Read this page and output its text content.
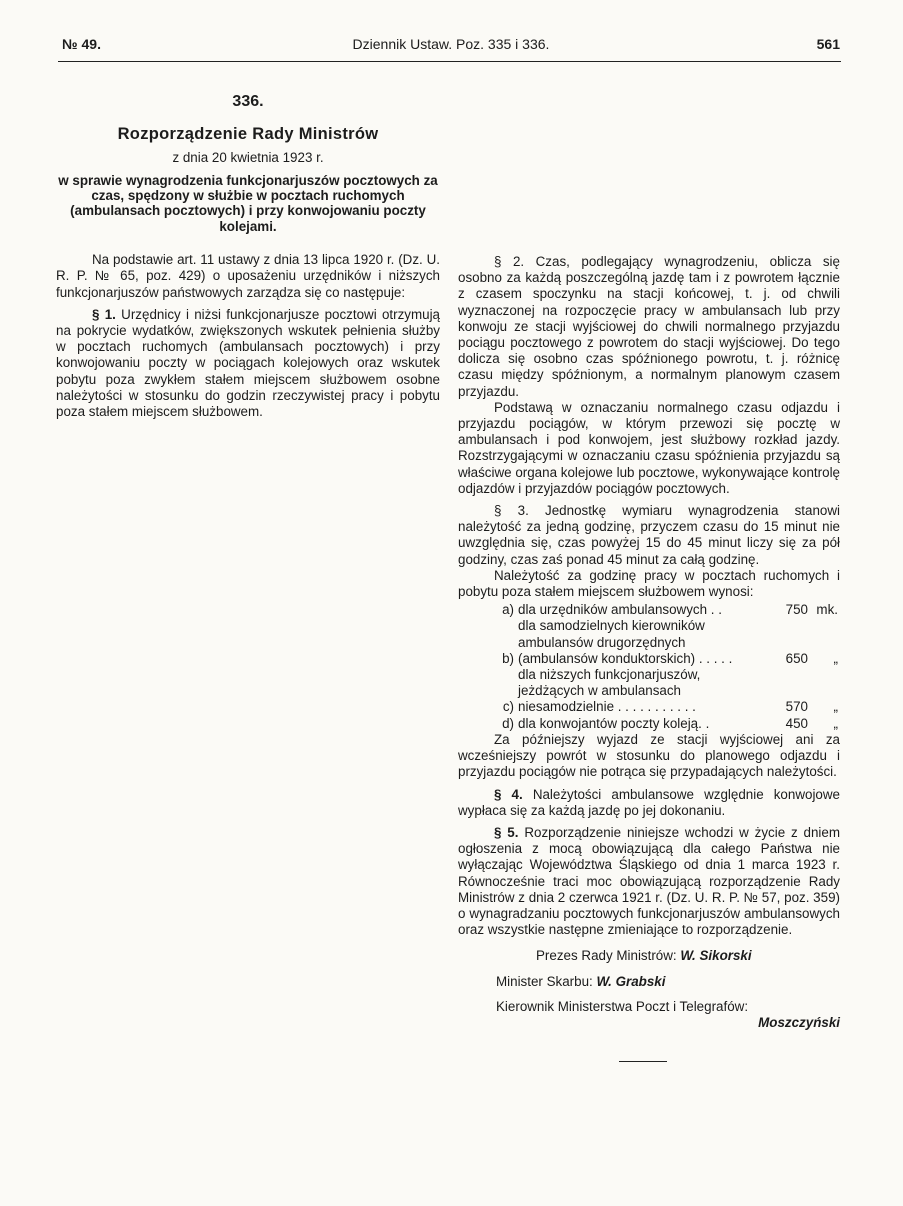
№ 49.	Dziennik Ustaw. Poz. 335 i 336.	561

336.

Rozporządzenie Rady Ministrów

z dnia 20 kwietnia 1923 r.

w sprawie wynagrodzenia funkcjonarjuszów pocztowych za czas, spędzony w służbie w pocztach ruchomych (ambulansach pocztowych) i przy konwojowaniu poczty kolejami.

Na podstawie art. 11 ustawy z dnia 13 lipca 1920 r. (Dz. U. R. P. № 65, poz. 429) o uposażeniu urzędników i niższych funkcjonarjuszów państwowych zarządza się co następuje:

§ 1. Urzędnicy i niżsi funkcjonarjusze pocztowi otrzymują na pokrycie wydatków, zwiększonych wskutek pełnienia służby w pocztach ruchomych (ambulansach pocztowych) i przy konwojowaniu poczty w pociągach kolejowych oraz wskutek pobytu poza zwykłem stałem miejscem służbowem osobne należytości w stosunku do godzin rzeczywistej pracy i pobytu poza stałem miejscem służbowem.

§ 2. Czas, podlegający wynagrodzeniu, oblicza się osobno za każdą poszczególną jazdę tam i z powrotem łącznie z czasem spoczynku na stacji końcowej, t. j. od chwili wyznaczonej na rozpoczęcie pracy w ambulansach lub przy konwoju ze stacji wyjściowej do chwili normalnego przyjazdu pociągu pocztowego z powrotem do stacji wyjściowej. Do tego dolicza się osobno czas spóźnionego powrotu, t. j. różnicę czasu między spóźnionym, a normalnym planowym czasem przyjazdu.

Podstawą w oznaczaniu normalnego czasu odjazdu i przyjazdu pociągów, w którym przewozi się pocztę w ambulansach i pod konwojem, jest służbowy rozkład jazdy. Rozstrzygającymi w oznaczaniu czasu spóźnienia przyjazdu są właściwe organa kolejowe lub pocztowe, wykonywające kontrolę odjazdów i przyjazdów pociągów pocztowych.

§ 3. Jednostkę wymiaru wynagrodzenia stanowi należytość za jedną godzinę, przyczem czasu do 15 minut nie uwzględnia się, czas powyżej 15 do 45 minut liczy się za pół godziny, czas zaś ponad 45 minut za całą godzinę.

Należytość za godzinę pracy w pocztach ruchomych i pobytu poza stałem miejscem służbowem wynosi:

a) dla urzędników ambulansowych . .	750 mk.
b)
dla samodzielnych kierowników ambulansów drugorzędnych (ambulansów konduktorskich) . . . . .	650	„
c)
dla niższych funkcjonarjuszów, jeżdżących w ambulansach niesamodzielnie . . . . . . . . . . .	570	„
d) dla konwojantów poczty koleją. .	450	„

Za późniejszy wyjazd ze stacji wyjściowej ani za wcześniejszy powrót w stosunku do planowego odjazdu i przyjazdu pociągów nie potrąca się przypadających należytości.

§ 4. Należytości ambulansowe względnie konwojowe wypłaca się za każdą jazdę po jej dokonaniu.

§ 5. Rozporządzenie niniejsze wchodzi w życie z dniem ogłoszenia z mocą obowiązującą dla całego Państwa nie wyłączając Województwa Śląskiego od dnia 1 marca 1923 r. Równocześnie traci moc obowiązującą rozporządzenie Rady Ministrów z dnia 2 czerwca 1921 r. (Dz. U. R. P. № 57, poz. 359) o wynagradzaniu pocztowych funkcjonarjuszów ambulansowych oraz wszystkie następne zmieniające to rozporządzenie.

Prezes Rady Ministrów: W. Sikorski

Minister Skarbu: W. Grabski

Kierownik Ministerstwa Poczt i Telegrafów:

Moszczyński
